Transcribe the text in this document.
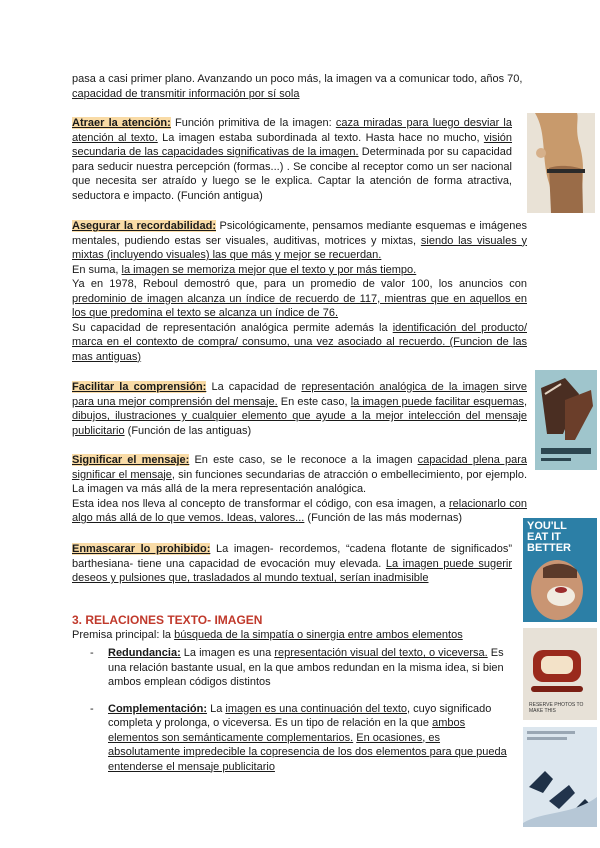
pasa a casi primer plano. Avanzando un poco más, la imagen va a comunicar todo, años 70,

capacidad de transmitir información por sí sola

Atraer la atención: Función primitiva de la imagen: caza miradas para luego desviar la atención al texto. La imagen estaba subordinada al texto. Hasta hace no mucho, visión secundaria de las capacidades significativas de la imagen. Determinada por su capacidad para seducir nuestra percepción (formas...) . Se concibe al receptor como un ser nacional que necesita ser atraído y luego se le explica. Captar la atención de forma atractiva, seductora e impacto. (Función antigua)

Asegurar la recordabilidad: Psicológicamente, pensamos mediante esquemas e imágenes mentales, pudiendo estas ser visuales, auditivas, motrices y mixtas, siendo las visuales y mixtas (incluyendo visuales) las que más y mejor se recuerdan.

En suma, la imagen se memoriza mejor que el texto y por más tiempo.

Ya en 1978, Reboul demostró que, para un promedio de valor 100, los anuncios con predominio de imagen alcanza un índice de recuerdo de 117, mientras que en aquellos en los que predomina el texto se alcanza un índice de 76.

Su capacidad de representación analógica permite además la identificación del producto/ marca en el contexto de compra/ consumo, una vez asociado al recuerdo. (Funcion de las mas antiguas)

Facilitar la comprensión: La capacidad de representación analógica de la imagen sirve para una mejor comprensión del mensaje. En este caso, la imagen puede facilitar esquemas, dibujos, ilustraciones y cualquier elemento que ayude a la mejor intelección del mensaje publicitario (Función de las antiguas)

Significar el mensaje: En este caso, se le reconoce a la imagen capacidad plena para significar el mensaje, sin funciones secundarias de atracción o embellecimiento, por ejemplo. La imagen va más allá de la mera representación analógica.

Esta idea nos lleva al concepto de transformar el código, con esa imagen, a relacionarlo con algo más allá de lo que vemos. Ideas, valores... (Función de las más modernas)

Enmascarar lo prohibido: La imagen- recordemos, “cadena flotante de significados” barthesiana- tiene una capacidad de evocación muy elevada. La imagen puede sugerir deseos y pulsiones que, trasladados al mundo textual, serían inadmisible

3. RELACIONES TEXTO- IMAGEN

Premisa principal: la búsqueda de la simpatía o sinergia entre ambos elementos

- Redundancia: La imagen es una representación visual del texto, o viceversa. Es una relación bastante usual, en la que ambos redundan en la misma idea, si bien ambos emplean códigos distintos
- Complementación: La imagen es una continuación del texto, cuyo significado completa y prolonga, o viceversa. Es un tipo de relación en la que ambos elementos son semánticamente complementarios. En ocasiones, es absolutamente impredecible la copresencia de los dos elementos para que pueda entenderse el mensaje publicitario
YOU'LL EAT IT BETTER
RESERVE PHOTOS TO MAKE THIS
